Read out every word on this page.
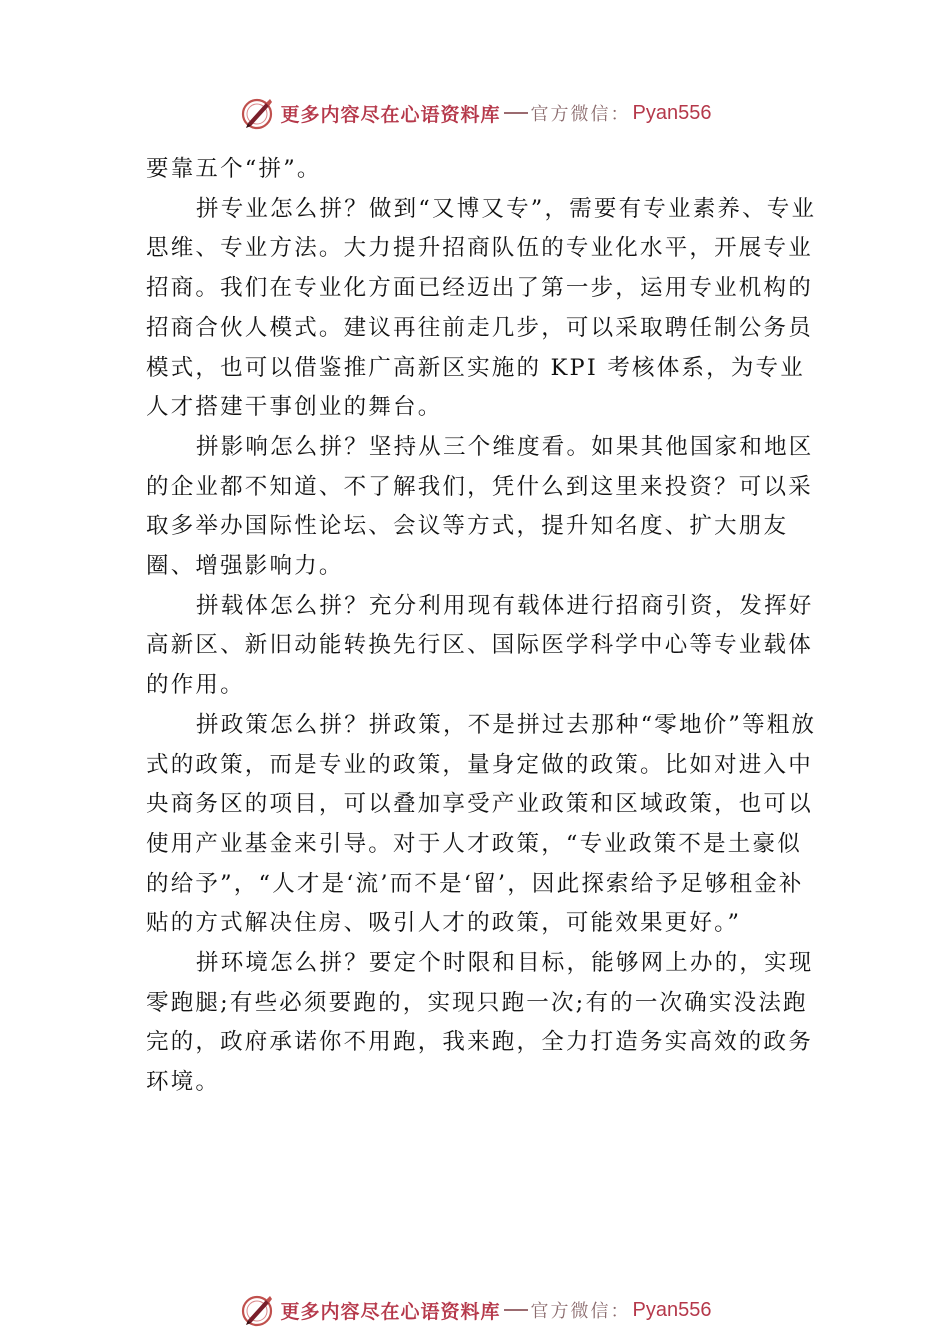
更多内容尽在心语资料库 官方微信： Pyan556

要靠五个“拼”。

拼专业怎么拼？做到“又博又专”，需要有专业素养、专业思维、专业方法。大力提升招商队伍的专业化水平，开展专业招商。我们在专业化方面已经迈出了第一步，运用专业机构的招商合伙人模式。建议再往前走几步，可以采取聘任制公务员模式，也可以借鉴推广高新区实施的 KPI 考核体系，为专业人才搭建干事创业的舞台。

拼影响怎么拼？坚持从三个维度看。如果其他国家和地区的企业都不知道、不了解我们，凭什么到这里来投资？可以采取多举办国际性论坛、会议等方式，提升知名度、扩大朋友圈、增强影响力。

拼载体怎么拼？充分利用现有载体进行招商引资，发挥好高新区、新旧动能转换先行区、国际医学科学中心等专业载体的作用。

拼政策怎么拼？拼政策，不是拼过去那种“零地价”等粗放式的政策，而是专业的政策，量身定做的政策。比如对进入中央商务区的项目，可以叠加享受产业政策和区域政策，也可以使用产业基金来引导。对于人才政策，“专业政策不是土豪似的给予”，“人才是‘流’而不是‘留’，因此探索给予足够租金补贴的方式解决住房、吸引人才的政策，可能效果更好。”

拼环境怎么拼？要定个时限和目标，能够网上办的，实现零跑腿;有些必须要跑的，实现只跑一次;有的一次确实没法跑完的，政府承诺你不用跑，我来跑，全力打造务实高效的政务环境。

更多内容尽在心语资料库 官方微信： Pyan556
